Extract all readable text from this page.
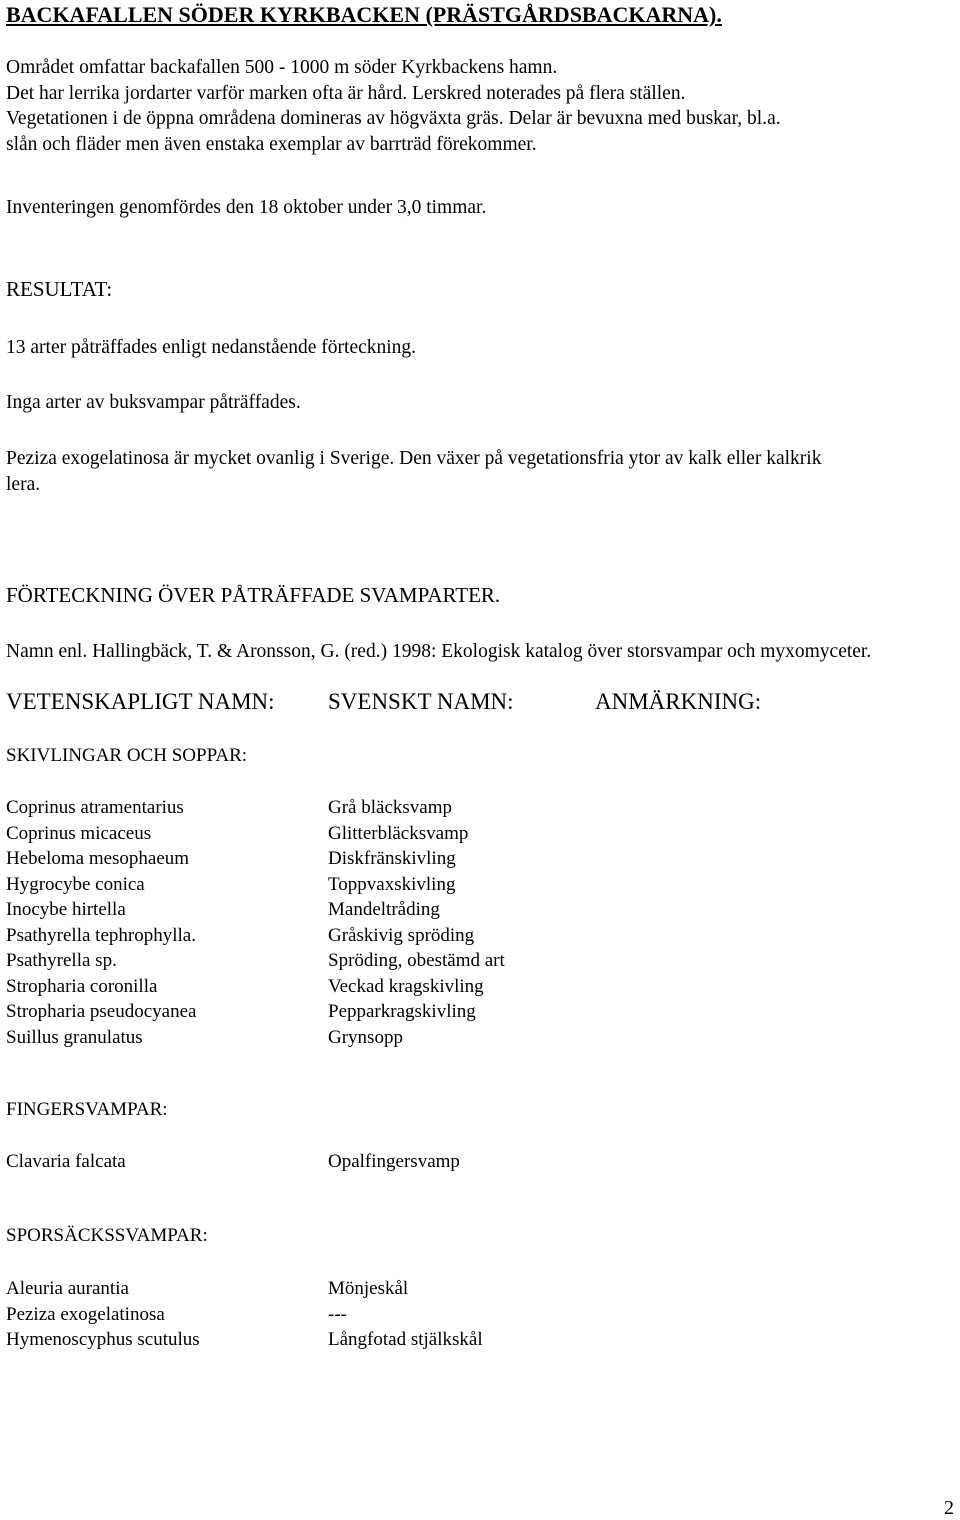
BACKAFALLEN SÖDER KYRKBACKEN (PRÄSTGÅRDSBACKARNA).
Området omfattar backafallen 500 - 1000 m söder Kyrkbackens hamn.
Det har lerrika jordarter varför marken ofta är hård. Lerskred noterades på flera ställen.
Vegetationen i de öppna områdena domineras av högväxta gräs. Delar är bevuxna med buskar, bl.a.
slån och fläder men även enstaka exemplar av barrträd förekommer.
Inventeringen genomfördes den 18 oktober under 3,0 timmar.
RESULTAT:
13 arter påträffades enligt nedanstående förteckning.
Inga arter av buksvampar påträffades.
Peziza exogelatinosa är mycket ovanlig i Sverige. Den växer på vegetationsfria ytor av kalk eller kalkrik
lera.
FÖRTECKNING ÖVER PÅTRÄFFADE SVAMPARTER.
Namn enl. Hallingbäck, T. & Aronsson, G. (red.) 1998: Ekologisk katalog över storsvampar och myxomyceter.
VETENSKAPLIGT NAMN: SVENSKT NAMN:	ANMÄRKNING:
SKIVLINGAR OCH SOPPAR:
Coprinus atramentarius
Coprinus micaceus
Hebeloma mesophaeum
Hygrocybe conica
Inocybe hirtella
Psathyrella tephrophylla.
Psathyrella sp.
Stropharia coronilla
Stropharia pseudocyanea
Suillus granulatus
Grå bläcksvamp
Glitterbläcksvamp
Diskfränskivling
Toppvaxskivling
Mandeltråding
Gråskivig spröding
Spröding, obestämd art
Veckad kragskivling
Pepparkragskivling
Grynsopp
FINGERSVAMPAR:
Clavaria falcata	Opalfingersvamp
SPORSÄCKSSVAMPAR:
Aleuria aurantia
Peziza exogelatinosa
Hymenoscyphus scutulus
Mönjeskål
---
Långfotad stjälkskål
2
